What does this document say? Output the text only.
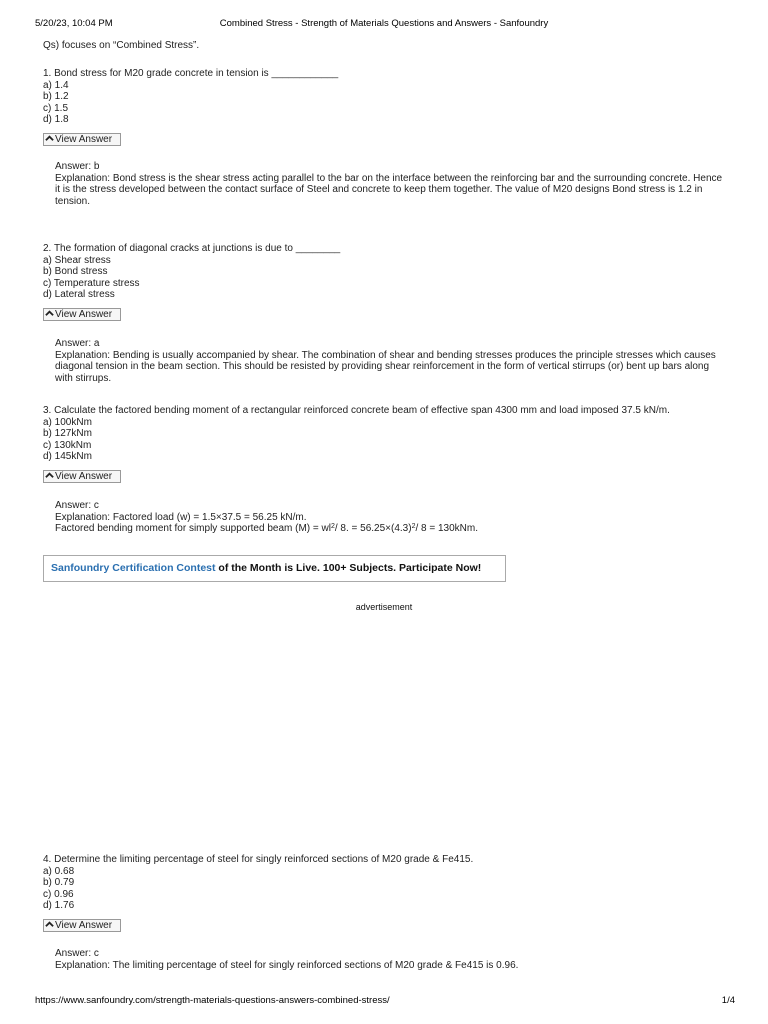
5/20/23, 10:04 PM	Combined Stress - Strength of Materials Questions and Answers - Sanfoundry
Qs) focuses on “Combined Stress”.
1. Bond stress for M20 grade concrete in tension is ____________
a) 1.4
b) 1.2
c) 1.5
d) 1.8
View Answer
Answer: b
Explanation: Bond stress is the shear stress acting parallel to the bar on the interface between the reinforcing bar and the surrounding concrete. Hence it is the stress developed between the contact surface of Steel and concrete to keep them together. The value of M20 designs Bond stress is 1.2 in tension.
2. The formation of diagonal cracks at junctions is due to ________
a) Shear stress
b) Bond stress
c) Temperature stress
d) Lateral stress
View Answer
Answer: a
Explanation: Bending is usually accompanied by shear. The combination of shear and bending stresses produces the principle stresses which causes diagonal tension in the beam section. This should be resisted by providing shear reinforcement in the form of vertical stirrups (or) bent up bars along with stirrups.
3. Calculate the factored bending moment of a rectangular reinforced concrete beam of effective span 4300 mm and load imposed 37.5 kN/m.
a) 100kNm
b) 127kNm
c) 130kNm
d) 145kNm
View Answer
Answer: c
Explanation: Factored load (w) = 1.5×37.5 = 56.25 kN/m.
Factored bending moment for simply supported beam $(M) = wl^2/$ 8. = $56.25\times(4.3)^2/$ 8 = 130kNm.
Sanfoundry Certification Contest of the Month is Live. 100+ Subjects. Participate Now!
advertisement
4. Determine the limiting percentage of steel for singly reinforced sections of M20 grade & Fe415.
a) 0.68
b) 0.79
c) 0.96
d) 1.76
View Answer
Answer: c
Explanation: The limiting percentage of steel for singly reinforced sections of M20 grade & Fe415 is 0.96.
https://www.sanfoundry.com/strength-materials-questions-answers-combined-stress/	1/4
